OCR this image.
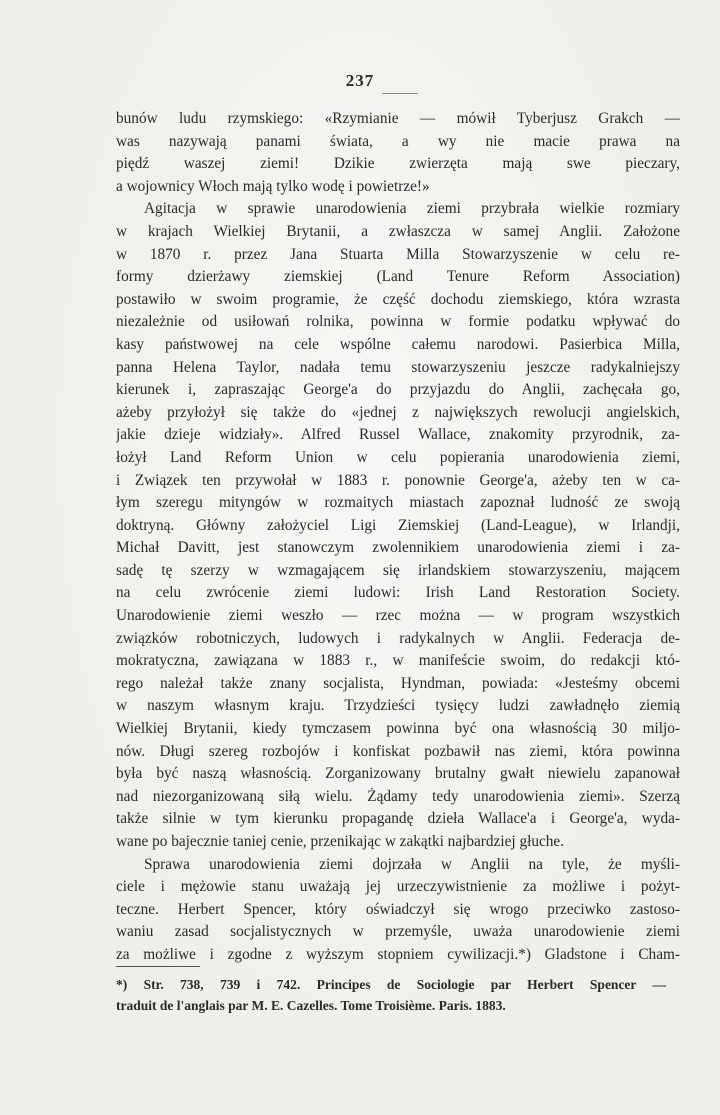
237
bunów ludu rzymskiego: «Rzymianie — mówił Tyberjusz Grakch —
was nazywają panami świata, a wy nie macie prawa na
piędź waszej ziemi! Dzikie zwierzęta mają swe pieczary,
a wojownicy Włoch mają tylko wodę i powietrze!»
Agitacja w sprawie unarodowienia ziemi przybrała wielkie rozmiary
w krajach Wielkiej Brytanii, a zwłaszcza w samej Anglii. Założone
w 1870 r. przez Jana Stuarta Milla Stowarzyszenie w celu re-
formy dzierżawy ziemskiej (Land Tenure Reform Association)
postawiło w swoim programie, że część dochodu ziemskiego, która wzrasta
niezależnie od usiłowań rolnika, powinna w formie podatku wpływać do
kasy państwowej na cele wspólne całemu narodowi. Pasierbica Milla,
panna Helena Taylor, nadała temu stowarzyszeniu jeszcze radykalniejszy
kierunek i, zapraszając George'a do przyjazdu do Anglii, zachęcała go,
ażeby przyłożył się także do «jednej z największych rewolucji angielskich,
jakie dzieje widziały». Alfred Russel Wallace, znakomity przyrodnik, za-
łożył Land Reform Union w celu popierania unarodowienia ziemi,
i Związek ten przywołał w 1883 r. ponownie George'a, ażeby ten w ca-
łym szeregu mityngów w rozmaitych miastach zapoznał ludność ze swoją
doktryną. Główny założyciel Ligi Ziemskiej (Land-League), w Irlandji,
Michał Davitt, jest stanowczym zwolennikiem unarodowienia ziemi i za-
sadę tę szerzy w wzmagającem się irlandskiem stowarzyszeniu, mającem
na celu zwrócenie ziemi ludowi: Irish Land Restoration Society.
Unarodowienie ziemi weszło — rzec można — w program wszystkich
związków robotniczych, ludowych i radykalnych w Anglii. Federacja de-
mokratyczna, zawiązana w 1883 r., w manifeście swoim, do redakcji któ-
rego należał także znany socjalista, Hyndman, powiada: «Jesteśmy obcemi
w naszym własnym kraju. Trzydzieści tysięcy ludzi zawładnęło ziemią
Wielkiej Brytanii, kiedy tymczasem powinna być ona własnością 30 miljo-
nów. Długi szereg rozbojów i konfiskat pozbawił nas ziemi, która powinna
była być naszą własnością. Zorganizowany brutalny gwałt niewielu zapanował
nad niezorganizowaną siłą wielu. Żądamy tedy unarodowienia ziemi». Szerzą
także silnie w tym kierunku propagandę dzieła Wallace'a i George'a, wyda-
wane po bajecznie taniej cenie, przenikając w zakątki najbardziej głuche.
Sprawa unarodowienia ziemi dojrzała w Anglii na tyle, że myśli-
ciele i mężowie stanu uważają jej urzeczywistnienie za możliwe i pożyt-
teczne. Herbert Spencer, który oświadczył się wrogo przeciwko zastoso-
waniu zasad socjalistycznych w przemyśle, uważa unarodowienie ziemi
za możliwe i zgodne z wyższym stopniem cywilizacji.*) Gladstone i Cham-
*) Str. 738, 739 i 742. Principes de Sociologie par Herbert Spencer —
traduit de l'anglais par M. E. Cazelles. Tome Troisième. Paris. 1883.
